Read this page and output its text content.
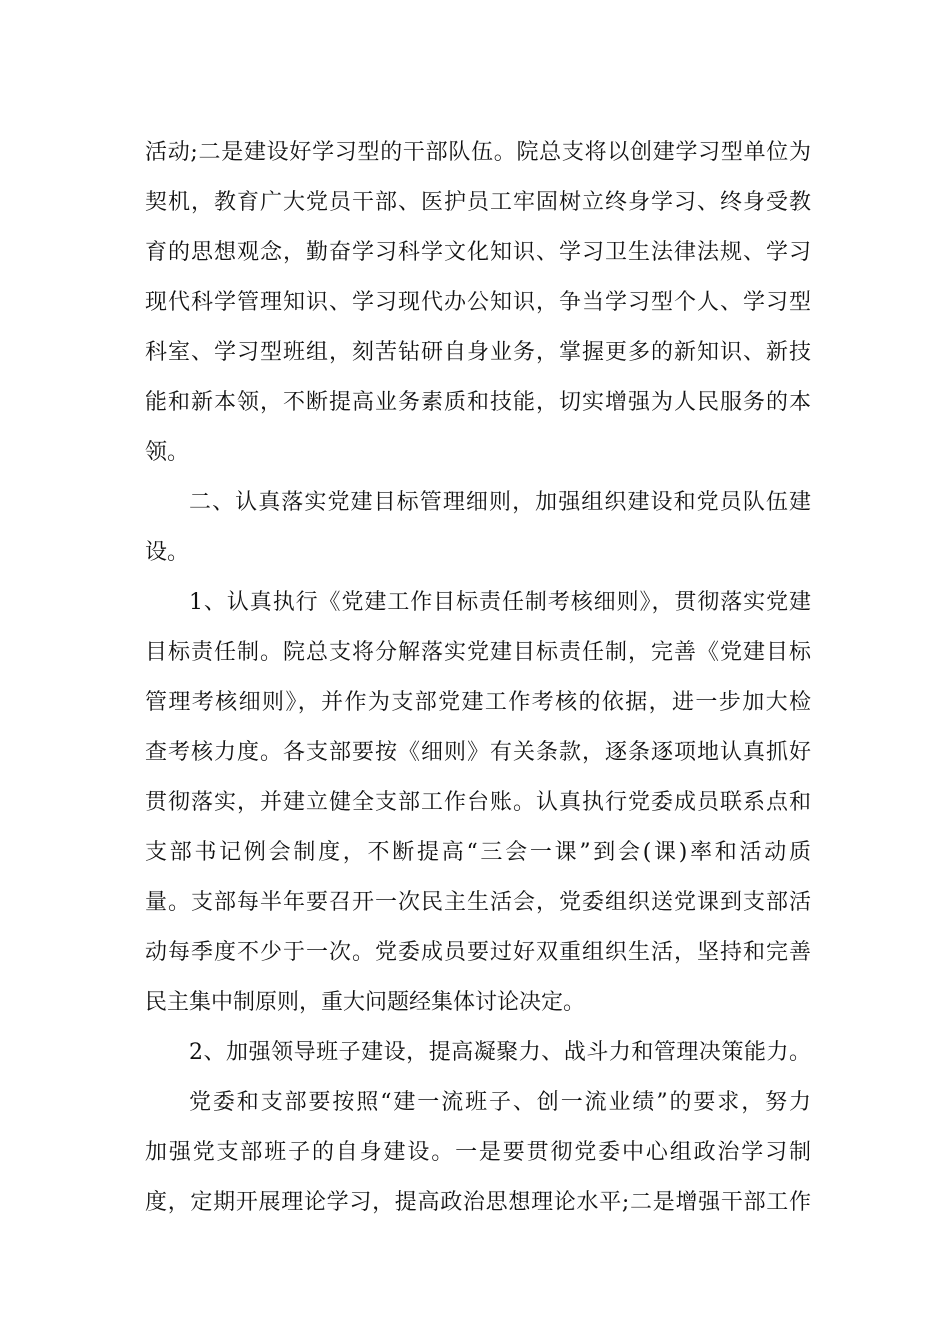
活动;二是建设好学习型的干部队伍。院总支将以创建学习型单位为
契机，教育广大党员干部、医护员工牢固树立终身学习、终身受教
育的思想观念，勤奋学习科学文化知识、学习卫生法律法规、学习
现代科学管理知识、学习现代办公知识，争当学习型个人、学习型
科室、学习型班组，刻苦钻研自身业务，掌握更多的新知识、新技
能和新本领，不断提高业务素质和技能，切实增强为人民服务的本
领。
二、认真落实党建目标管理细则，加强组织建设和党员队伍建
设。
1、认真执行《党建工作目标责任制考核细则》，贯彻落实党建
目标责任制。院总支将分解落实党建目标责任制，完善《党建目标
管理考核细则》，并作为支部党建工作考核的依据，进一步加大检
查考核力度。各支部要按《细则》有关条款，逐条逐项地认真抓好
贯彻落实，并建立健全支部工作台账。认真执行党委成员联系点和
支部书记例会制度，不断提高“三会一课”到会(课)率和活动质
量。支部每半年要召开一次民主生活会，党委组织送党课到支部活
动每季度不少于一次。党委成员要过好双重组织生活，坚持和完善
民主集中制原则，重大问题经集体讨论决定。
2、加强领导班子建设，提高凝聚力、战斗力和管理决策能力。
党委和支部要按照“建一流班子、创一流业绩”的要求，努力
加强党支部班子的自身建设。一是要贯彻党委中心组政治学习制
度，定期开展理论学习，提高政治思想理论水平;二是增强干部工作
